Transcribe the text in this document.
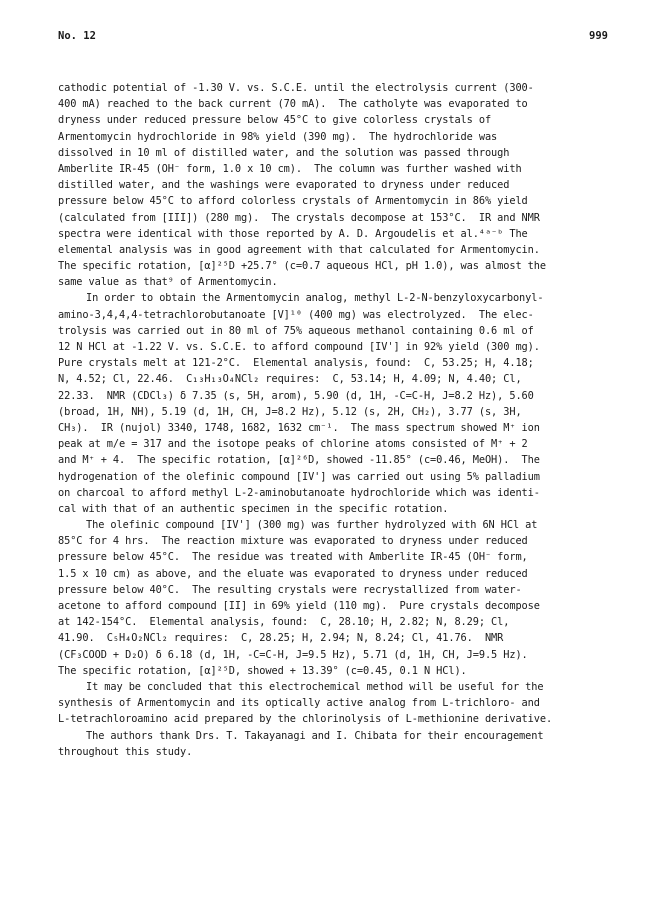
No. 12	999
cathodic potential of -1.30 V. vs. S.C.E. until the electrolysis current (300-
400 mA) reached to the back current (70 mA).  The catholyte was evaporated to
dryness under reduced pressure below 45°C to give colorless crystals of
Armentomycin hydrochloride in 98% yield (390 mg).  The hydrochloride was
dissolved in 10 ml of distilled water, and the solution was passed through
Amberlite IR-45 (OH⁻ form, 1.0 x 10 cm).  The column was further washed with
distilled water, and the washings were evaporated to dryness under reduced
pressure below 45°C to afford colorless crystals of Armentomycin in 86% yield
(calculated from [III]) (280 mg).  The crystals decompose at 153°C.  IR and NMR
spectra were identical with those reported by A. D. Argoudelis et al.⁴ᵃ⁻ᵇ The
elemental analysis was in good agreement with that calculated for Armentomycin.
The specific rotation, [α]²⁵D +25.7° (c=0.7 aqueous HCl, pH 1.0), was almost the
same value as that⁹ of Armentomycin.
In order to obtain the Armentomycin analog, methyl L-2-N-benzyloxycarbonyl-
amino-3,4,4,4-tetrachlorobutanoate [V]¹⁰ (400 mg) was electrolyzed.  The elec-
trolysis was carried out in 80 ml of 75% aqueous methanol containing 0.6 ml of
12 N HCl at -1.22 V. vs. S.C.E. to afford compound [IV'] in 92% yield (300 mg).
Pure crystals melt at 121-2°C.  Elemental analysis, found:  C, 53.25; H, 4.18;
N, 4.52; Cl, 22.46.  C₁₃H₁₃O₄NCl₂ requires:  C, 53.14; H, 4.09; N, 4.40; Cl,
22.33.  NMR (CDCl₃) δ 7.35 (s, 5H, arom), 5.90 (d, 1H, -C=C-H, J=8.2 Hz), 5.60
(broad, 1H, NH), 5.19 (d, 1H, CH, J=8.2 Hz), 5.12 (s, 2H, CH₂), 3.77 (s, 3H,
CH₃).  IR (nujol) 3340, 1748, 1682, 1632 cm⁻¹.  The mass spectrum showed M⁺ ion
peak at m/e = 317 and the isotope peaks of chlorine atoms consisted of M⁺ + 2
and M⁺ + 4.  The specific rotation, [α]²⁶D, showed -11.85° (c=0.46, MeOH).  The
hydrogenation of the olefinic compound [IV'] was carried out using 5% palladium
on charcoal to afford methyl L-2-aminobutanoate hydrochloride which was identi-
cal with that of an authentic specimen in the specific rotation.
The olefinic compound [IV'] (300 mg) was further hydrolyzed with 6N HCl at
85°C for 4 hrs.  The reaction mixture was evaporated to dryness under reduced
pressure below 45°C.  The residue was treated with Amberlite IR-45 (OH⁻ form,
1.5 x 10 cm) as above, and the eluate was evaporated to dryness under reduced
pressure below 40°C.  The resulting crystals were recrystallized from water-
acetone to afford compound [II] in 69% yield (110 mg).  Pure crystals decompose
at 142-154°C.  Elemental analysis, found:  C, 28.10; H, 2.82; N, 8.29; Cl,
41.90.  C₅H₄O₂NCl₂ requires:  C, 28.25; H, 2.94; N, 8.24; Cl, 41.76.  NMR
(CF₃COOD + D₂O) δ 6.18 (d, 1H, -C=C-H, J=9.5 Hz), 5.71 (d, 1H, CH, J=9.5 Hz).
The specific rotation, [α]²⁵D, showed + 13.39° (c=0.45, 0.1 N HCl).
It may be concluded that this electrochemical method will be useful for the
synthesis of Armentomycin and its optically active analog from L-trichloro- and
L-tetrachloroamino acid prepared by the chlorinolysis of L-methionine derivative.
The authors thank Drs. T. Takayanagi and I. Chibata for their encouragement
throughout this study.
